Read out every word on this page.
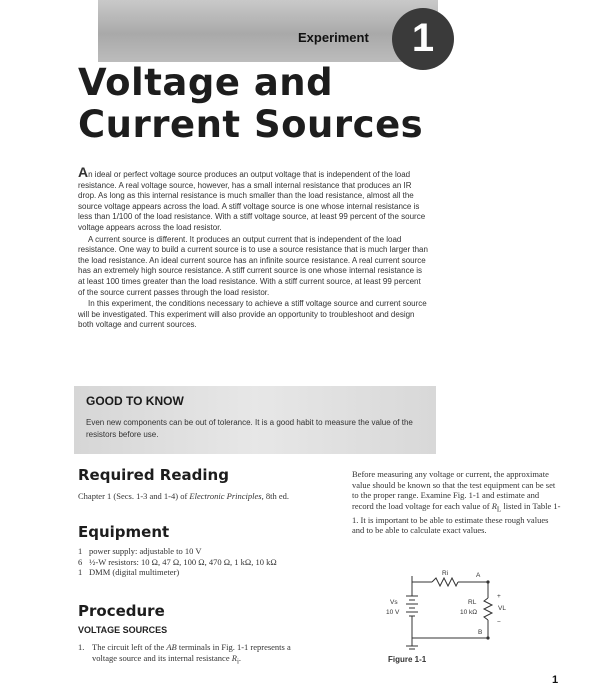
Experiment	1
Voltage and
Current Sources

An ideal or perfect voltage source produces an output voltage that is independent of the load resistance. A real voltage source, however, has a small internal resistance that produces an IR drop. As long as this internal resistance is much smaller than the load resistance, almost all the source voltage appears across the load. A stiff voltage source is one whose internal resistance is less than 1/100 of the load resistance. With a stiff voltage source, at least 99 percent of the source voltage appears across the load resistor.

A current source is different. It produces an output current that is independent of the load resistance. One way to build a current source is to use a source resistance that is much larger than the load resistance. An ideal current source has an infinite source resistance. A real current source has an extremely high source resistance. A stiff current source is one whose internal resistance is at least 100 times greater than the load resistance. With a stiff current source, at least 99 percent of the source current passes through the load resistor.

In this experiment, the conditions necessary to achieve a stiff voltage source and current source will be investigated. This experiment will also provide an opportunity to troubleshoot and design both voltage and current sources.

GOOD TO KNOW
Even new components can be out of tolerance. It is a good habit to measure the value of the resistors before use.
Required Reading
Chapter 1 (Secs. 1-3 and 1-4) of Electronic Principles, 8th ed.
Equipment
1 power supply: adjustable to 10 V
6 ½-W resistors: 10 Ω, 47 Ω, 100 Ω, 470 Ω, 1 kΩ, 10 kΩ
1 DMM (digital multimeter)
Procedure
VOLTAGE SOURCES
1. The circuit left of the AB terminals in Fig. 1-1 represents a voltage source and its internal resistance $R_i$.
Before measuring any voltage or current, the approximate value should be known so that the test equipment can be set to the proper range. Examine Fig. 1-1 and estimate and record the load voltage for each value of $R_L$ listed in Table 1-1. It is important to be able to estimate these rough values and to be able to calculate exact values.
Ri	A
B
Vs
10 V
RL
10 kΩ
VL
+
−
Figure 1-1
1
